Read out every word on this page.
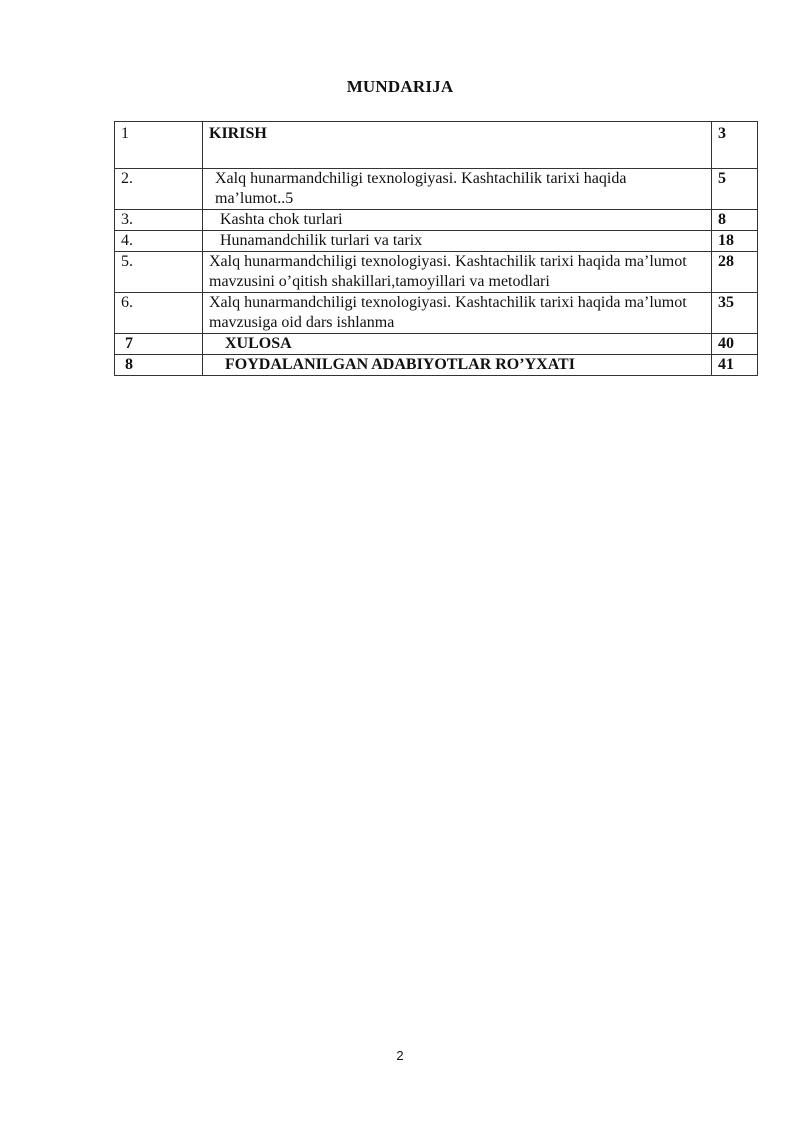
MUNDARIJA
1	KIRISH	3
2.	Xalq hunarmandchiligi texnologiyasi. Kashtachilik tarixi haqida ma’lumot..5	5
3.	Kashta chok turlari	8
4.	Hunamandchilik turlari va tarix	18
5.	Xalq hunarmandchiligi texnologiyasi. Kashtachilik tarixi haqida ma’lumot mavzusini o’qitish shakillari,tamoyillari va metodlari	28
6.	Xalq hunarmandchiligi texnologiyasi. Kashtachilik tarixi haqida ma’lumot mavzusiga oid dars ishlanma	35
7	XULOSA	40
8	FOYDALANILGAN ADABIYOTLAR RO’YXATI	41
2
